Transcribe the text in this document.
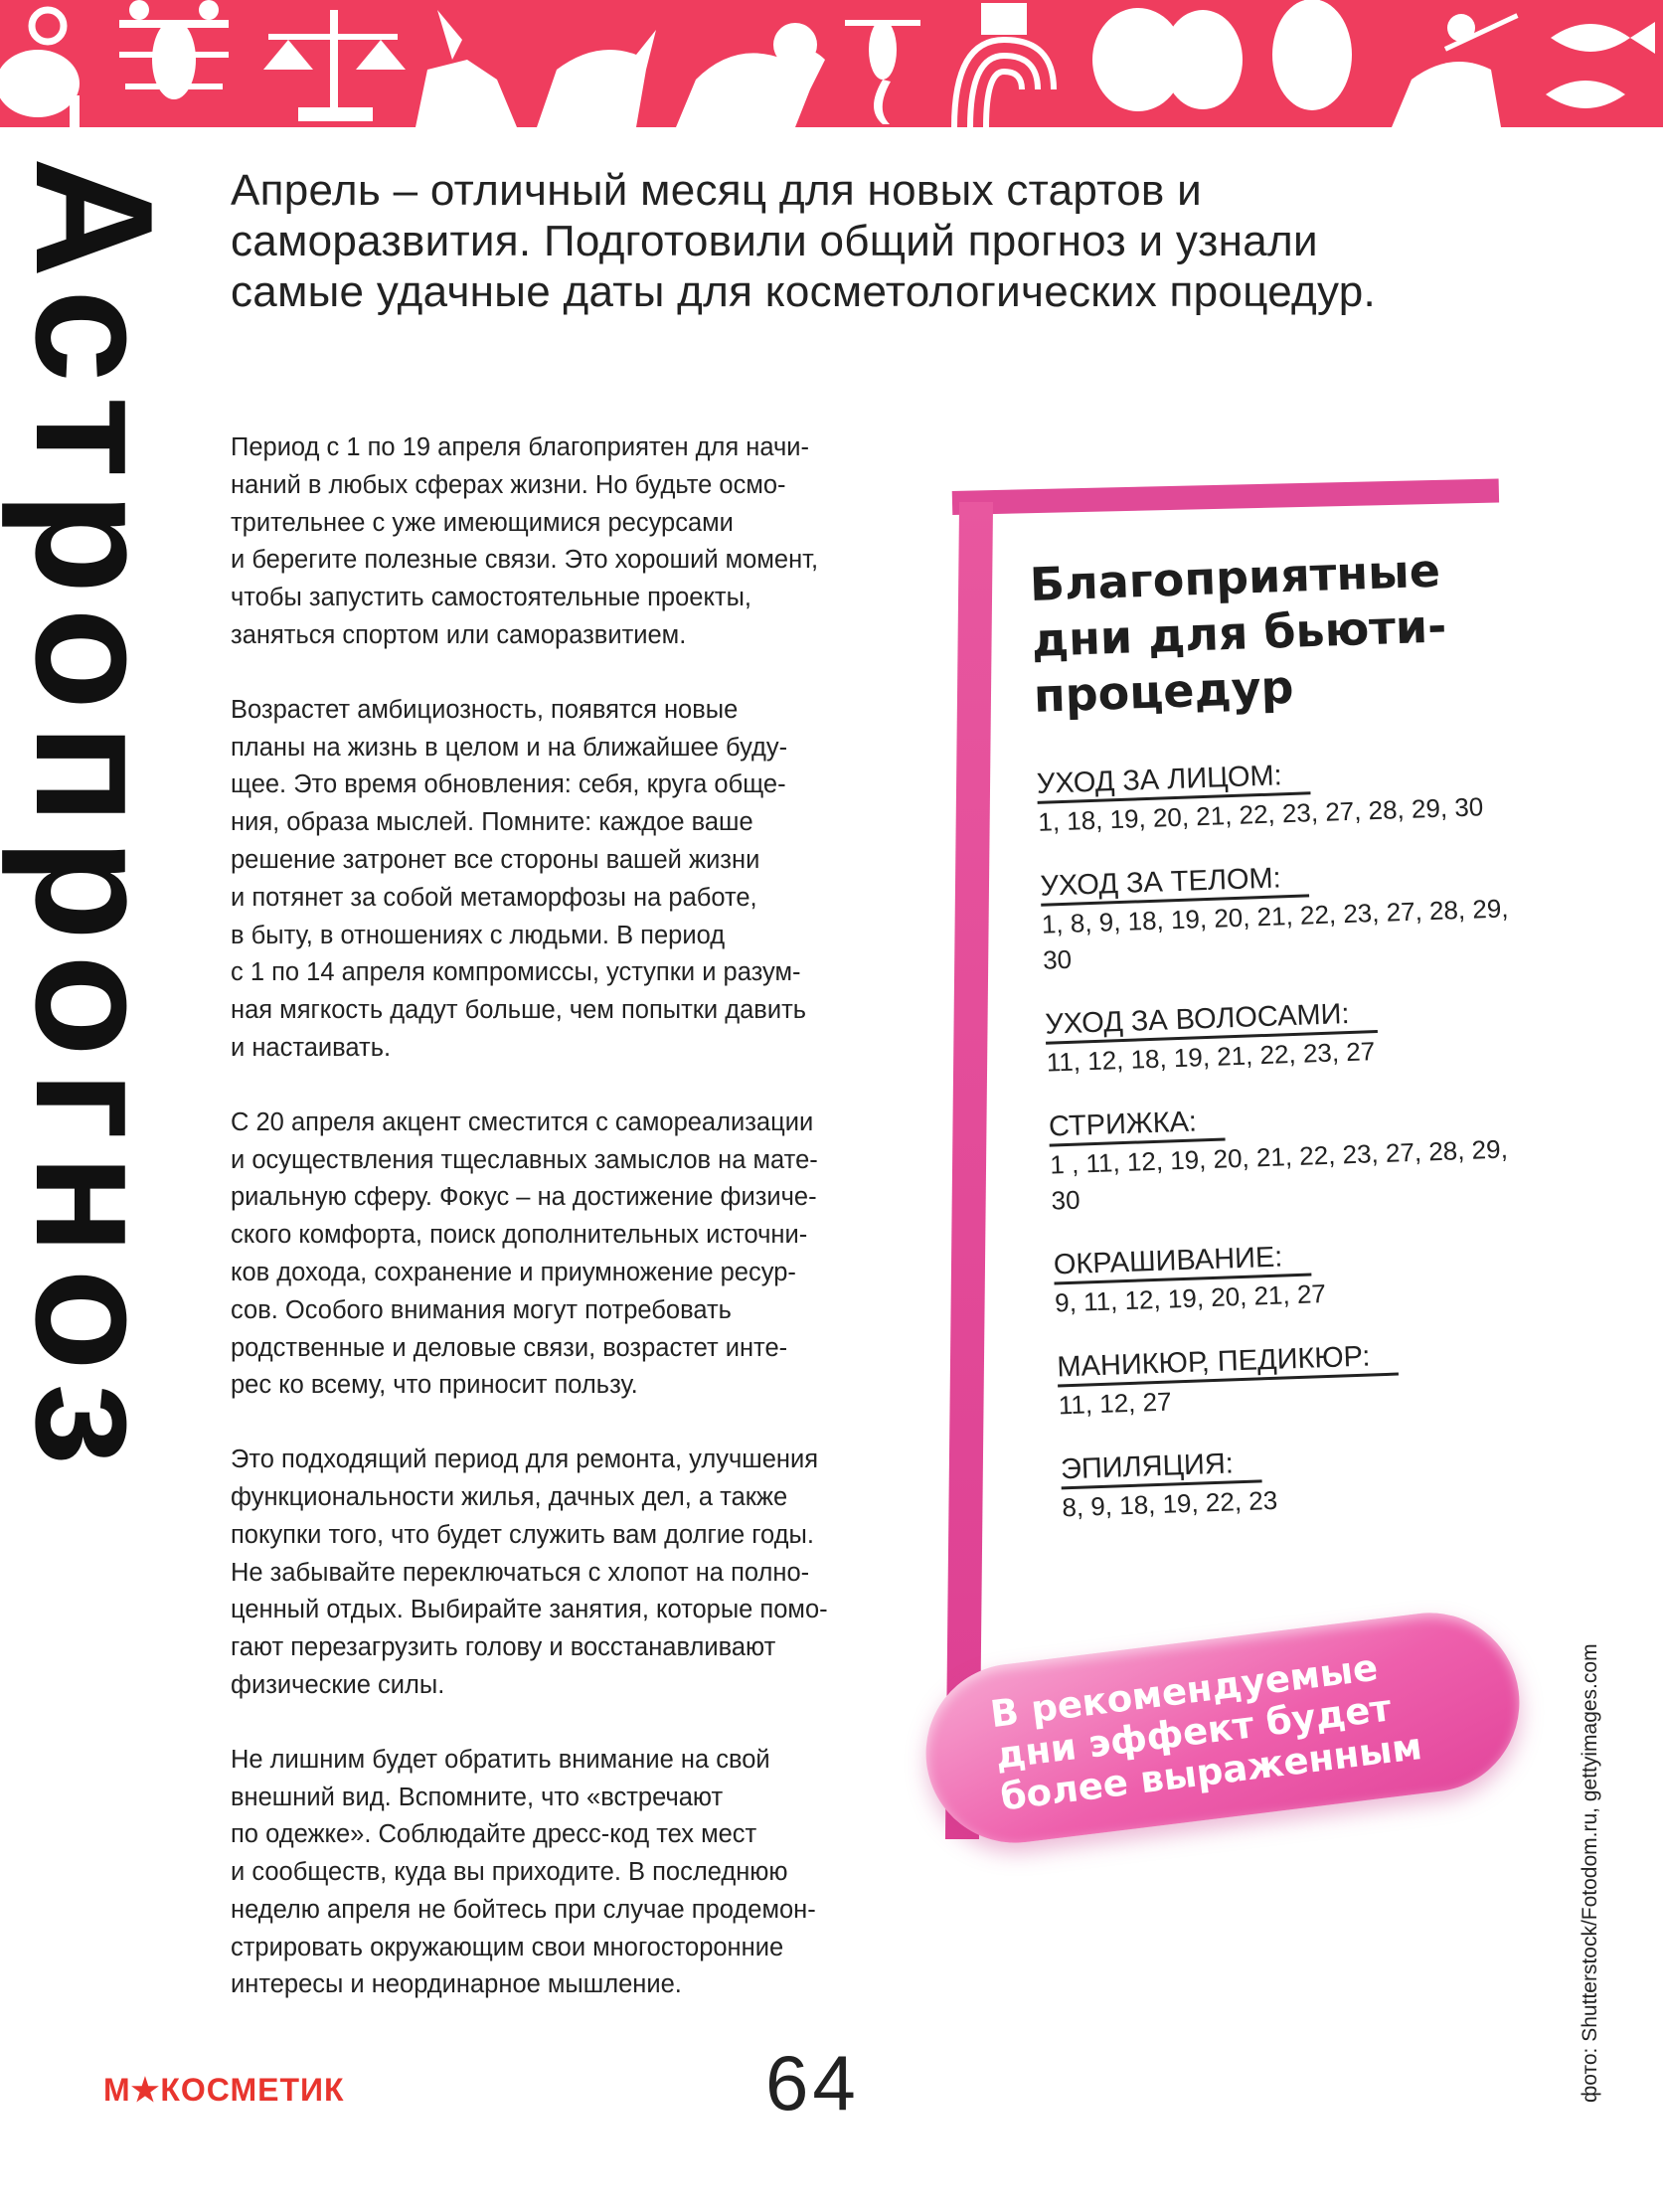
Астропрогноз Апрель – отличный месяц для новых стартов и саморазвития. Подготовили общий прогноз и узнали самые удачные даты для косметологических процедур.

Период с 1 по 19 апреля благоприятен для начи-
наний в любых сферах жизни. Но будьте осмо-
трительнее с уже имеющимися ресурсами
и берегите полезные связи. Это хороший момент,
чтобы запустить самостоятельные проекты,
заняться спортом или саморазвитием.

Возрастет амбициозность, появятся новые
планы на жизнь в целом и на ближайшее буду-
щее. Это время обновления: себя, круга обще-
ния, образа мыслей. Помните: каждое ваше
решение затронет все стороны вашей жизни
и потянет за собой метаморфозы на работе,
в быту, в отношениях с людьми. В период
с 1 по 14 апреля компромиссы, уступки и разум-
ная мягкость дадут больше, чем попытки давить
и настаивать.

С 20 апреля акцент сместится с самореализации
и осуществления тщеславных замыслов на мате-
риальную сферу. Фокус – на достижение физиче-
ского комфорта, поиск дополнительных источни-
ков дохода, сохранение и приумножение ресур-
сов. Особого внимания могут потребовать
родственные и деловые связи, возрастет инте-
рес ко всему, что приносит пользу.

Это подходящий период для ремонта, улучшения
функциональности жилья, дачных дел, а также
покупки того, что будет служить вам долгие годы.
Не забывайте переключаться с хлопот на полно-
ценный отдых. Выбирайте занятия, которые помо-
гают перезагрузить голову и восстанавливают
физические силы.

Не лишним будет обратить внимание на свой
внешний вид. Вспомните, что «встречают
по одежке». Соблюдайте дресс-код тех мест
и сообществ, куда вы приходите. В последнюю
неделю апреля не бойтесь при случае продемон-
стрировать окружающим свои многосторонние
интересы и неординарное мышление.

Благоприятные дни для бьюти-процедур
УХОД ЗА ЛИЦОМ:
1, 18, 19, 20, 21, 22, 23, 27, 28, 29, 30
УХОД ЗА ТЕЛОМ:
1, 8, 9, 18, 19, 20, 21, 22, 23, 27, 28, 29, 30
УХОД ЗА ВОЛОСАМИ:
11, 12, 18, 19, 21, 22, 23, 27
СТРИЖКА:
1 , 11, 12, 19, 20, 21, 22, 23, 27, 28, 29, 30
ОКРАШИВАНИЕ:
9, 11, 12, 19, 20, 21, 27
МАНИКЮР, ПЕДИКЮР:
11, 12, 27
ЭПИЛЯЦИЯ:
8, 9, 18, 19, 22, 23
В рекомендуемые дни эффект будет более выраженным	фото: Shutterstock/Fotodom.ru, gettyimages.com
М★КОСМЕТИК	64
